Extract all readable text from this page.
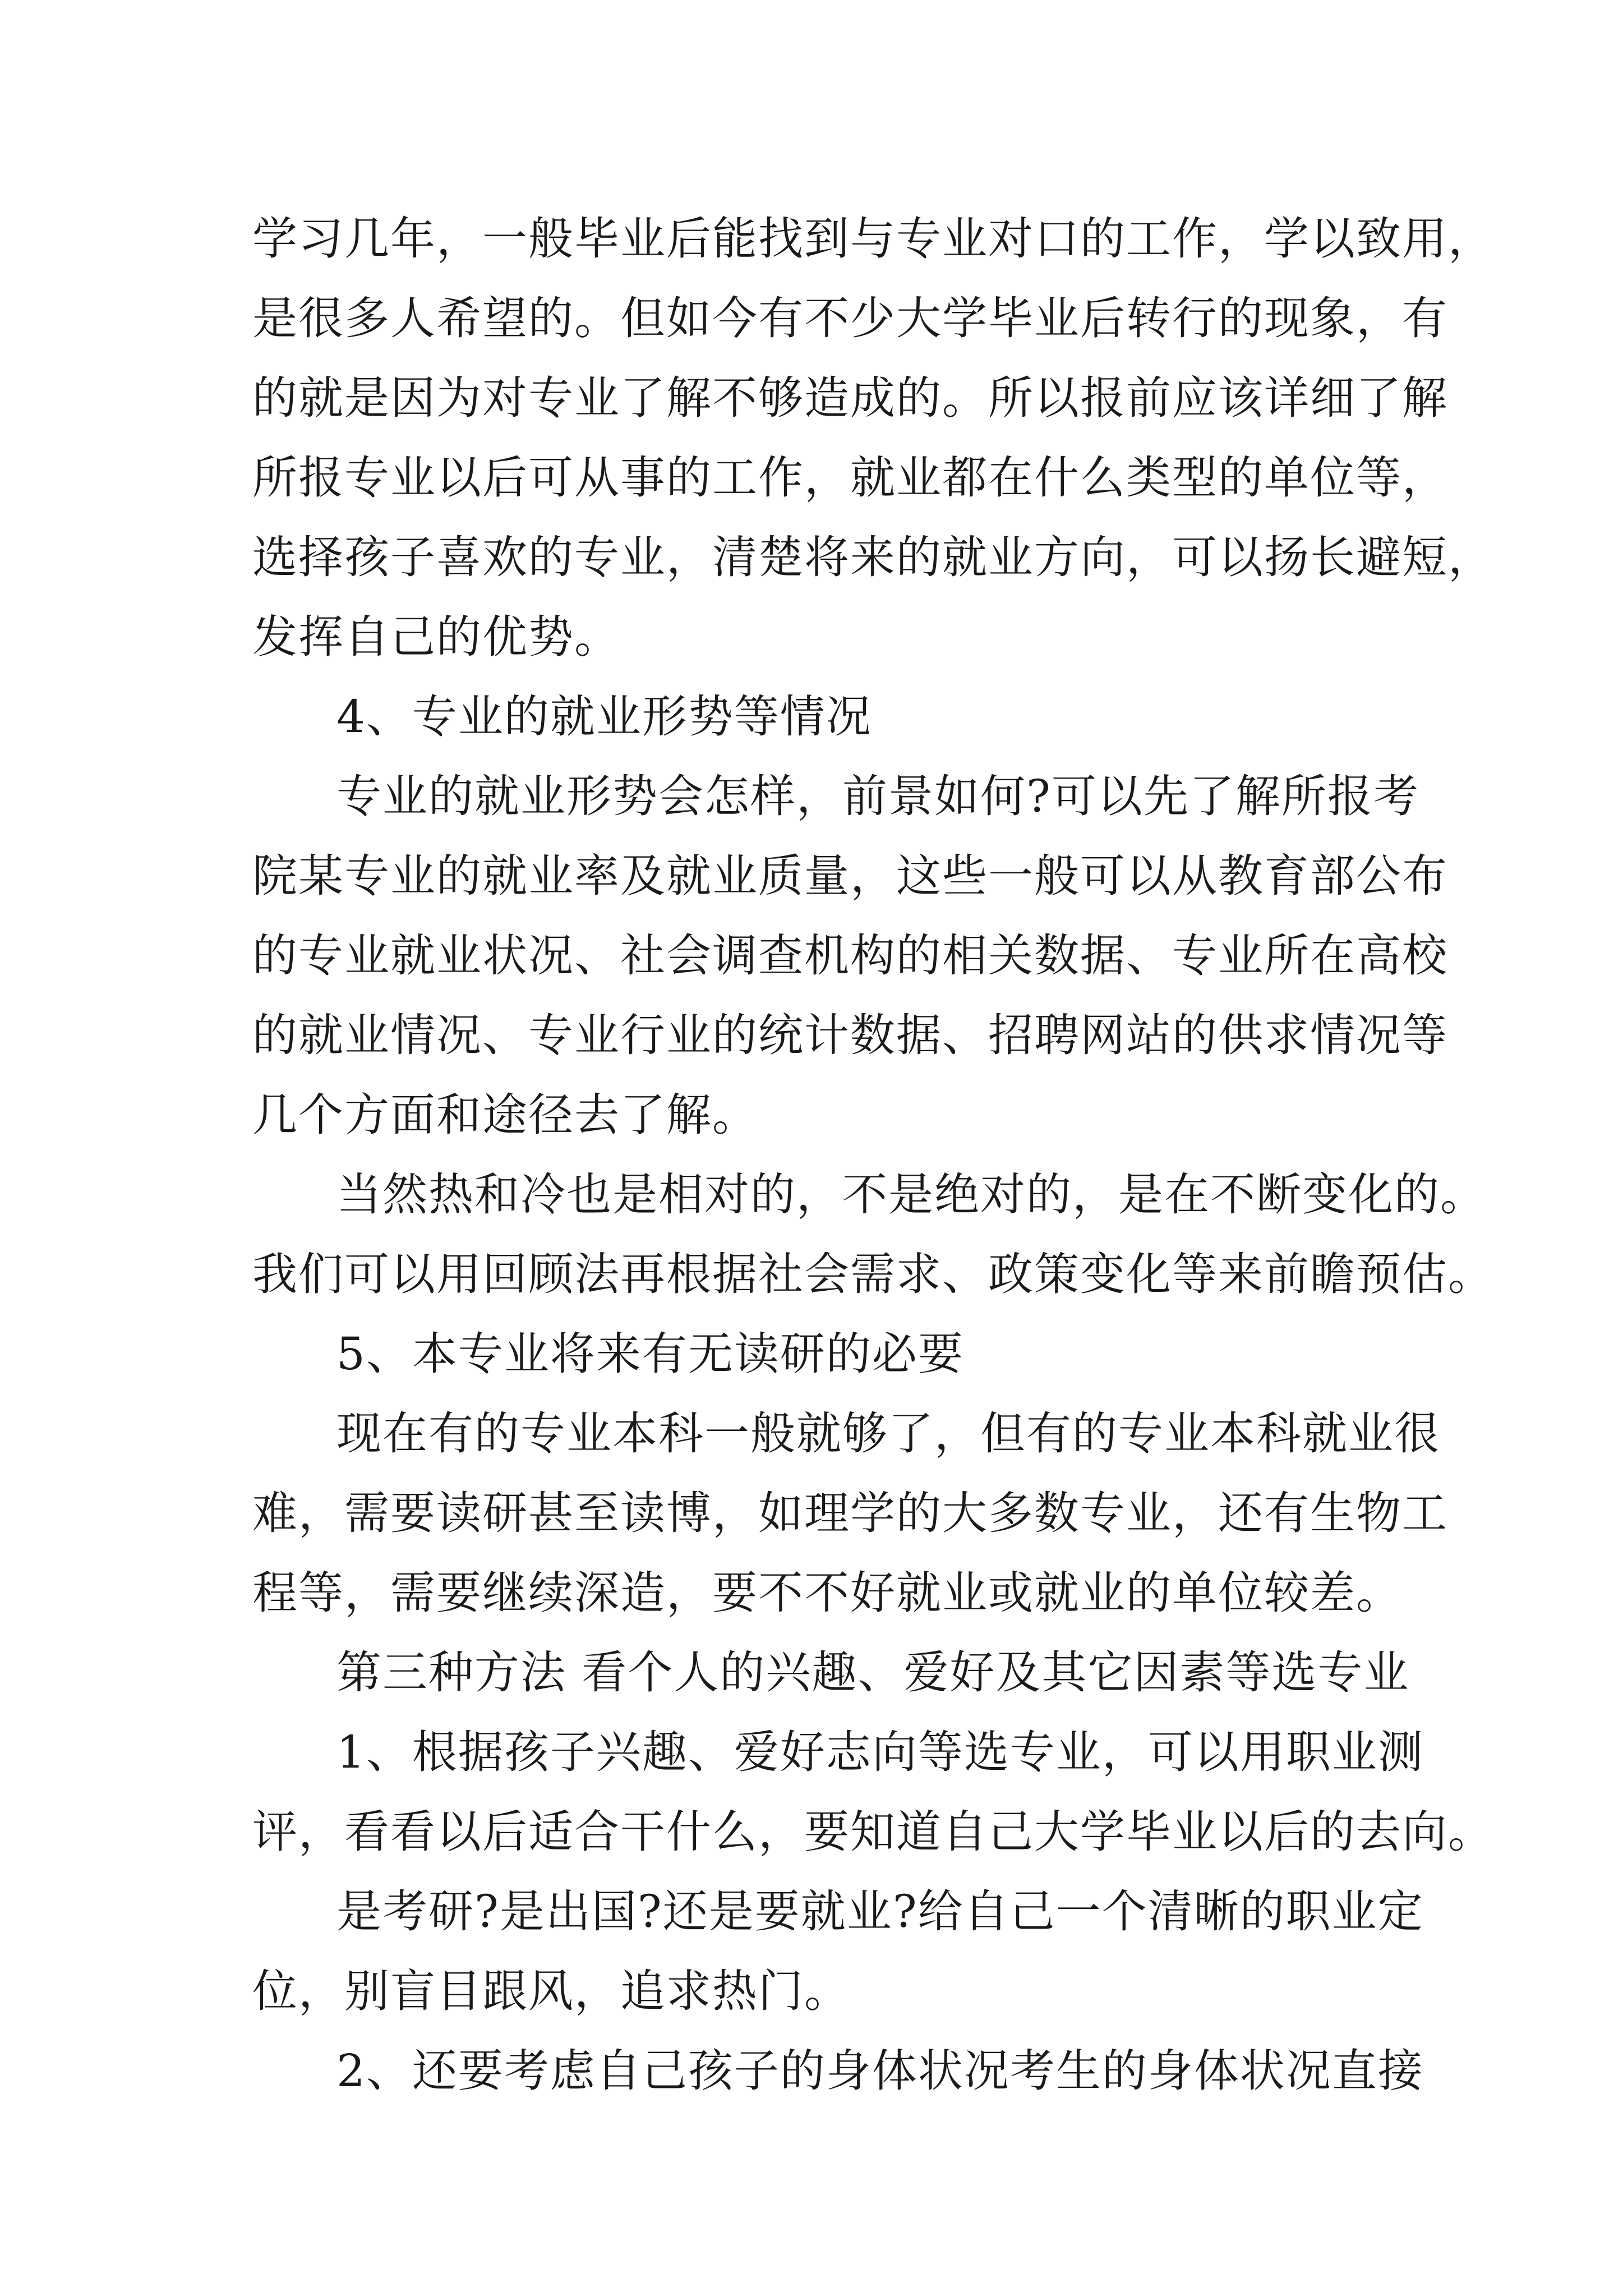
学习几年，一般毕业后能找到与专业对口的工作，学以致用，
是很多人希望的。但如今有不少大学毕业后转行的现象，有
的就是因为对专业了解不够造成的。所以报前应该详细了解
所报专业以后可从事的工作，就业都在什么类型的单位等，
选择孩子喜欢的专业，清楚将来的就业方向，可以扬长避短，
发挥自己的优势。
4、专业的就业形势等情况
专业的就业形势会怎样，前景如何?可以先了解所报考
院某专业的就业率及就业质量，这些一般可以从教育部公布
的专业就业状况、社会调查机构的相关数据、专业所在高校
的就业情况、专业行业的统计数据、招聘网站的供求情况等
几个方面和途径去了解。
当然热和冷也是相对的，不是绝对的，是在不断变化的。
我们可以用回顾法再根据社会需求、政策变化等来前瞻预估。
5、本专业将来有无读研的必要
现在有的专业本科一般就够了，但有的专业本科就业很
难，需要读研甚至读博，如理学的大多数专业，还有生物工
程等，需要继续深造，要不不好就业或就业的单位较差。
第三种方法 看个人的兴趣、爱好及其它因素等选专业
1、根据孩子兴趣、爱好志向等选专业，可以用职业测
评，看看以后适合干什么，要知道自己大学毕业以后的去向。
是考研?是出国?还是要就业?给自己一个清晰的职业定
位，别盲目跟风，追求热门。
2、还要考虑自己孩子的身体状况考生的身体状况直接
